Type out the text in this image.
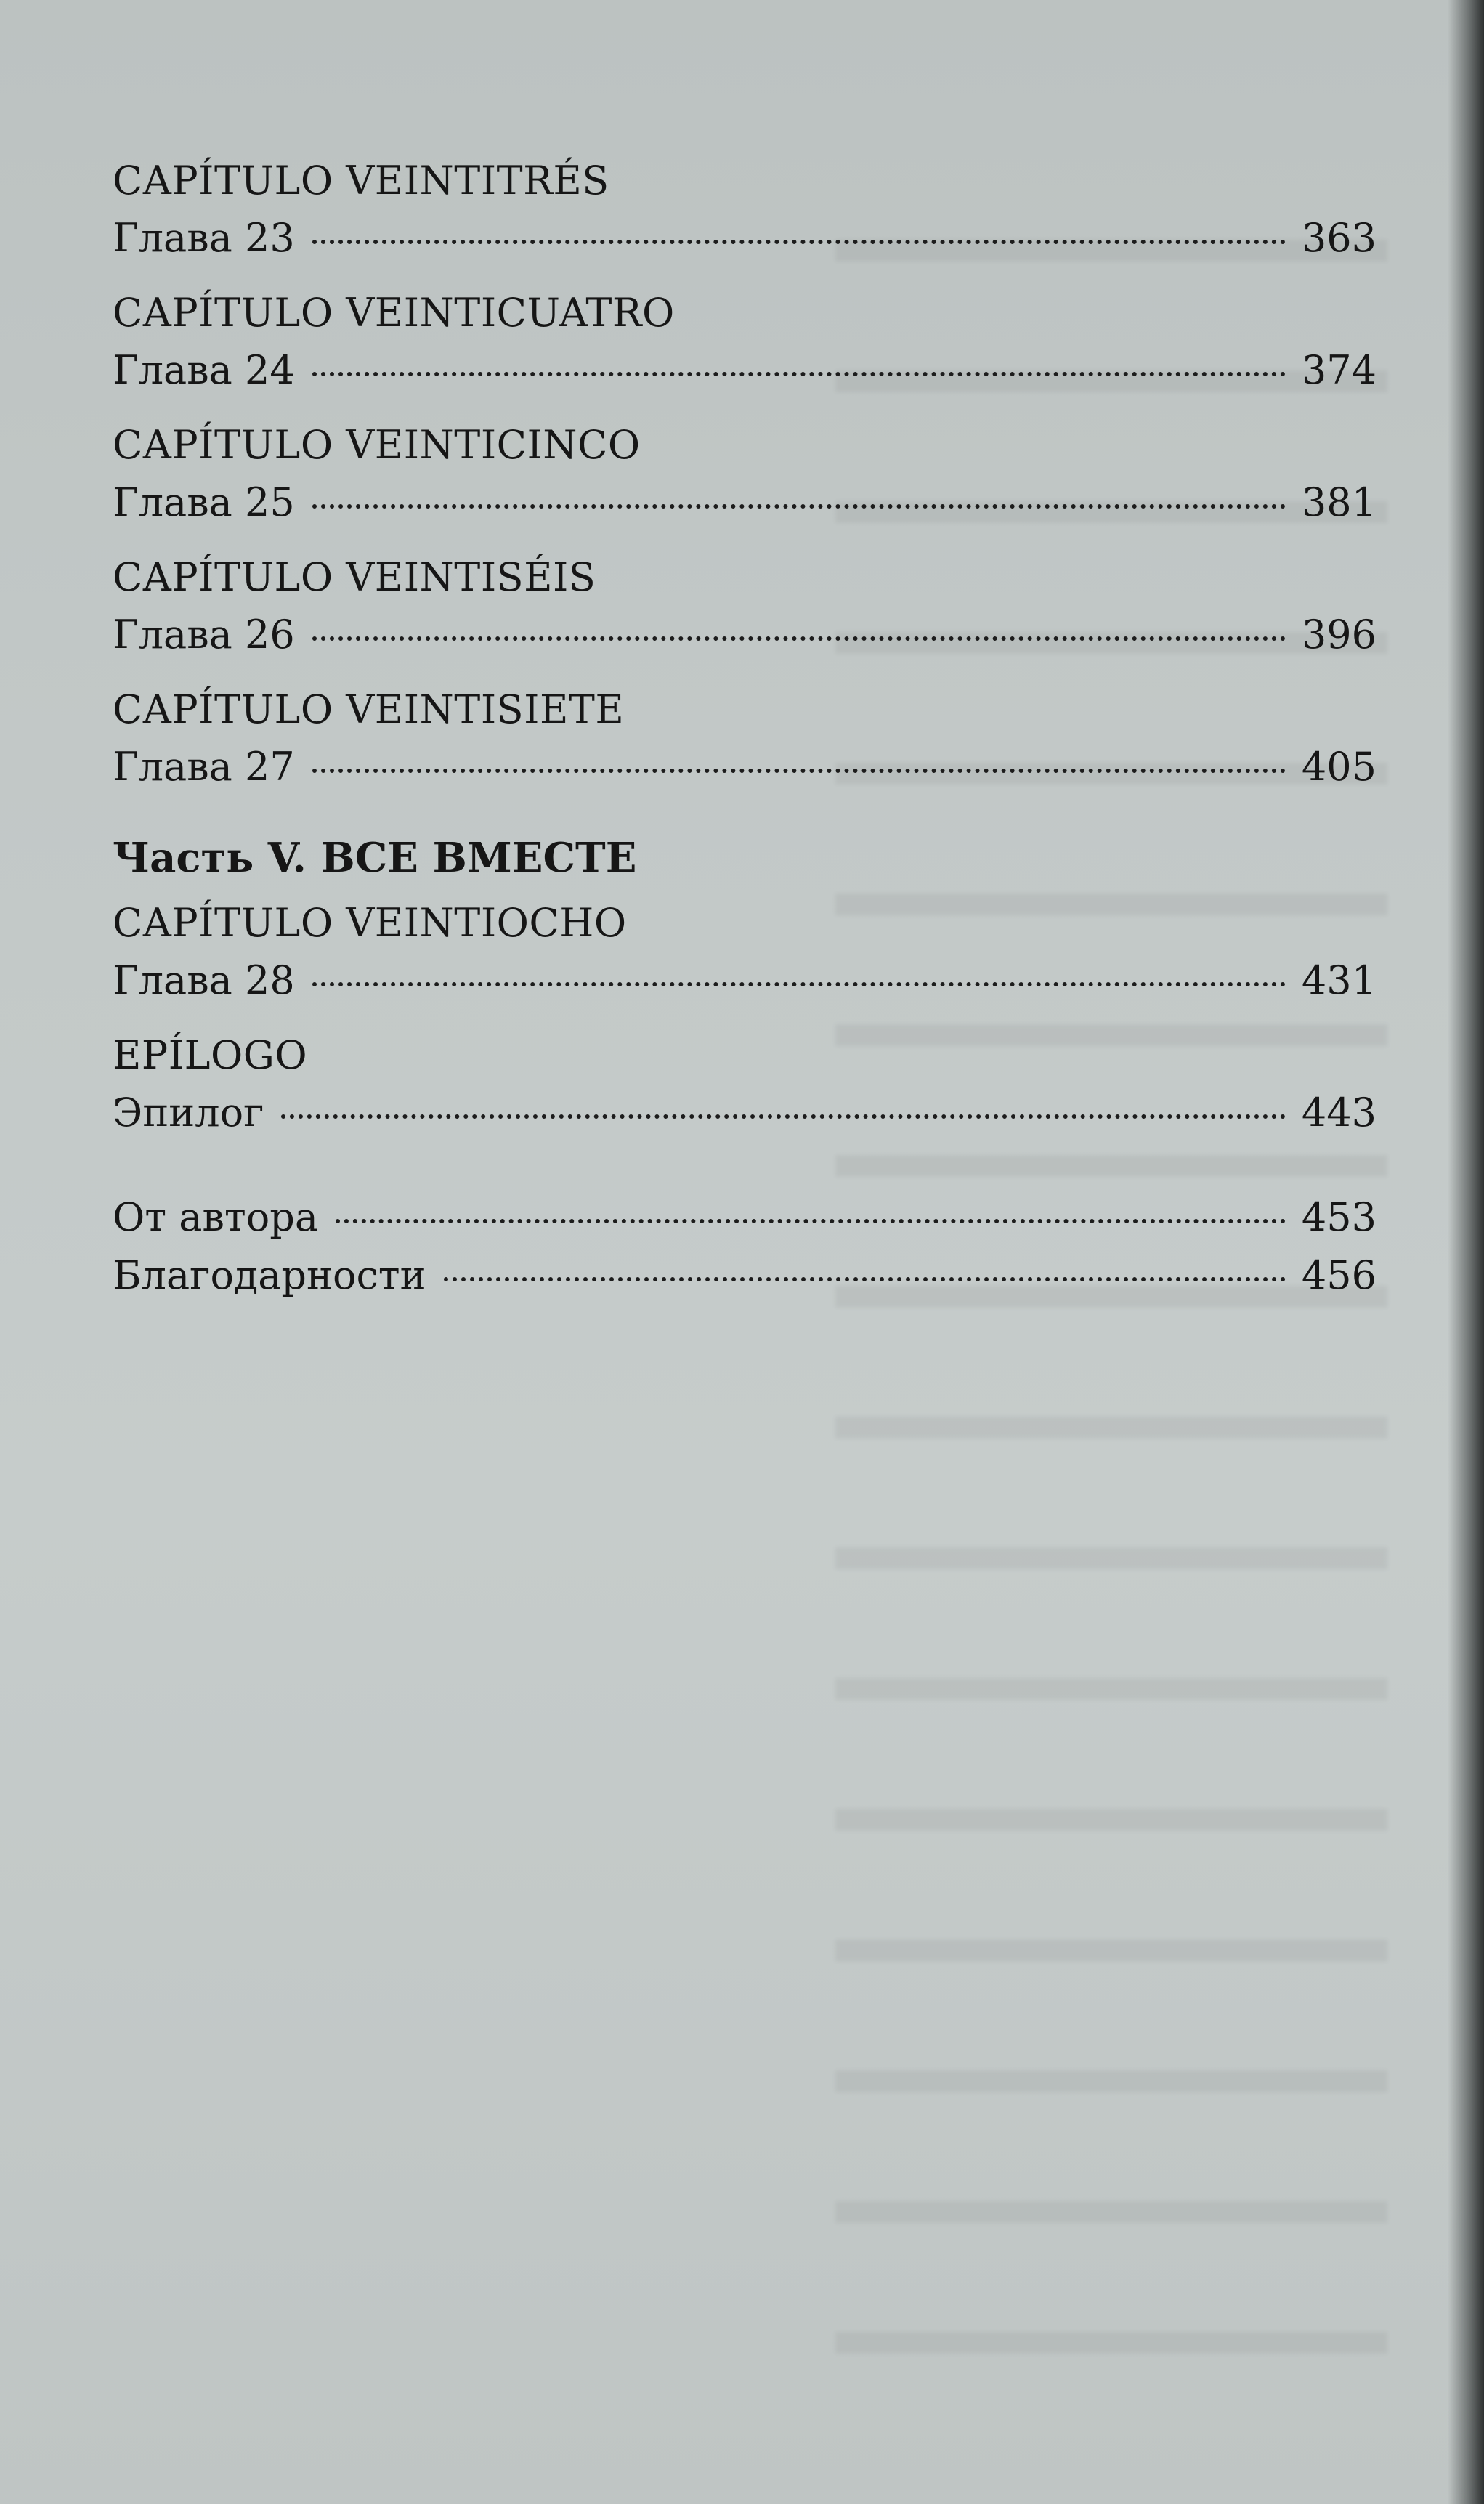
CAPÍTULO VEINTITRÉS
Глава 23	363
CAPÍTULO VEINTICUATRO
Глава 24	374
CAPÍTULO VEINTICINCO
Глава 25	381
CAPÍTULO VEINTISÉIS
Глава 26	396
CAPÍTULO VEINTISIETE
Глава 27	405
Часть V. ВСЕ ВМЕСТЕ
CAPÍTULO VEINTIOCHO
Глава 28	431
EPÍLOGO
Эпилог	443
От автора	453
Благодарности	456
